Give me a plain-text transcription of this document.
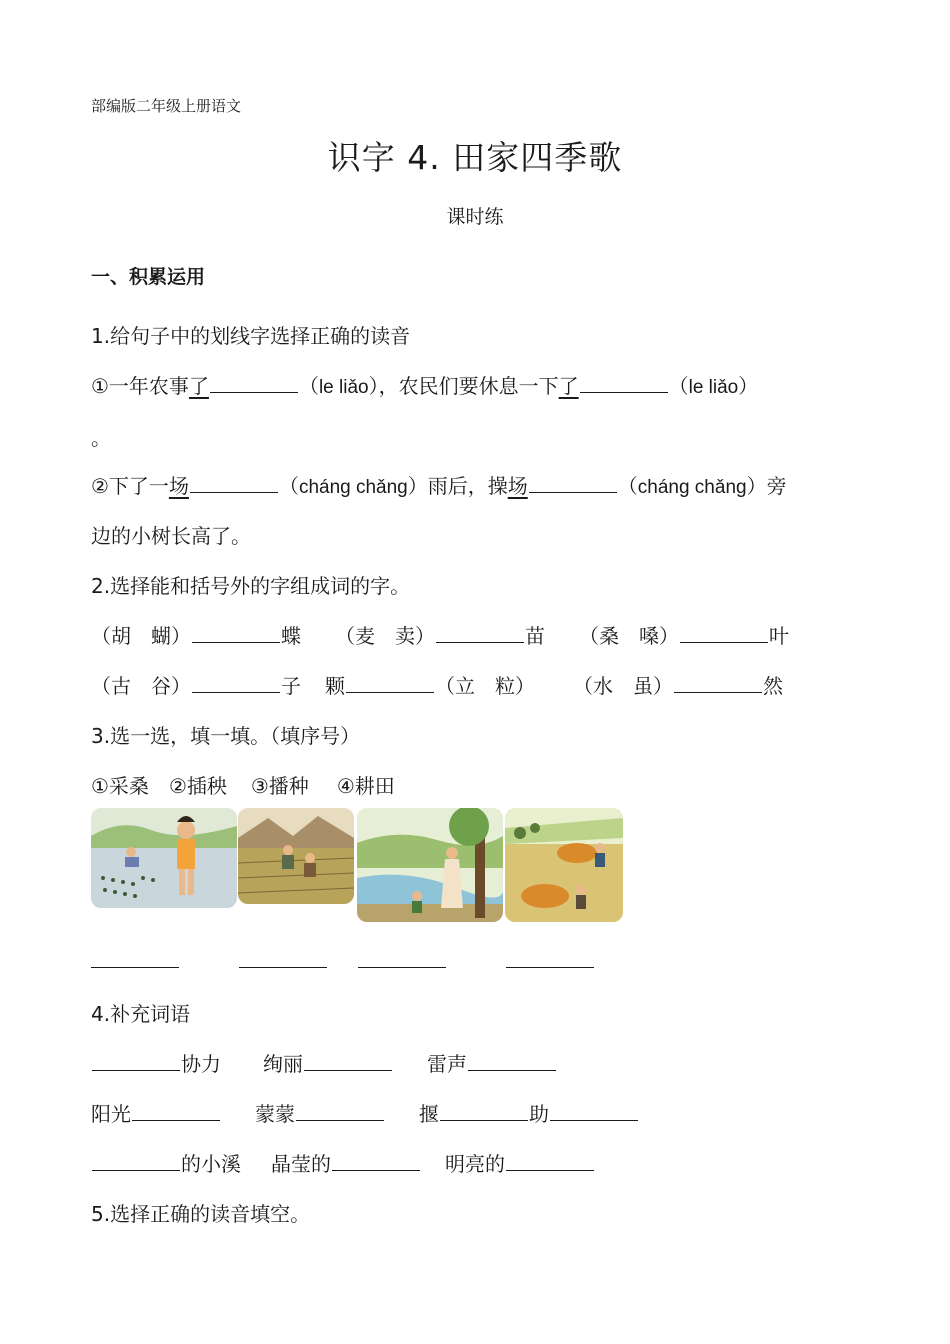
部编版二年级上册语文
识字 4. 田家四季歌
课时练
一、积累运用
1.给句子中的划线字选择正确的读音
①一年农事了	（le liǎo），农民们要休息一下了	（le liǎo）
。
②下了一场	（cháng chǎng）雨后，操场	（cháng chǎng）旁
边的小树长高了。
2.选择能和括号外的字组成词的字。
（胡　蝴）	蝶 （麦　卖）	苗 （桑　嗓）	叶
（古　谷）	子 颗	（立　粒） （水　虽）	然
3.选一选，填一填。（填序号）
①采桑 ②插秧 ③播种 ④耕田
4.补充词语
协力 绚丽	雷声
阳光	蒙蒙	揠	助
的小溪 晶莹的	明亮的
5.选择正确的读音填空。
